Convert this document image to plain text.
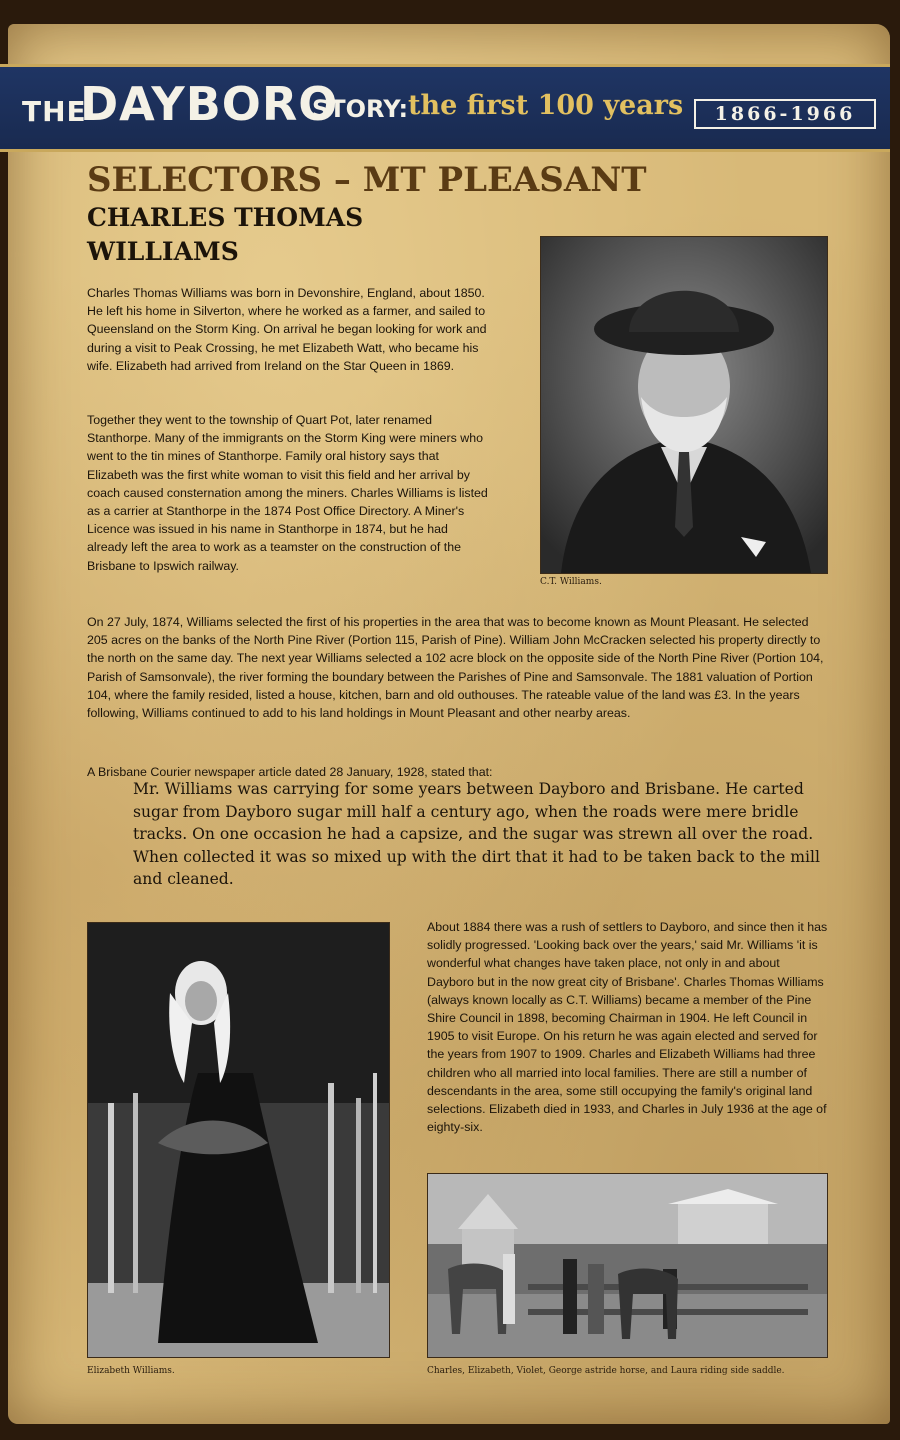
THE
DAYBORO
STORY: the first 100 years	1866-1966
SELECTORS – MT PLEASANT
CHARLES THOMAS
WILLIAMS

Charles Thomas Williams was born in Devonshire, England, about 1850. He left his home in Silverton, where he worked as a farmer, and sailed to Queensland on the Storm King. On arrival he began looking for work and during a visit to Peak Crossing, he met Elizabeth Watt, who became his wife. Elizabeth had arrived from Ireland on the Star Queen in 1869.

Together they went to the township of Quart Pot, later renamed Stanthorpe. Many of the immigrants on the Storm King were miners who went to the tin mines of Stanthorpe. Family oral history says that Elizabeth was the first white woman to visit this field and her arrival by coach caused consternation among the miners. Charles Williams is listed as a carrier at Stanthorpe in the 1874 Post Office Directory. A Miner's Licence was issued in his name in Stanthorpe in 1874, but he had already left the area to work as a teamster on the construction of the Brisbane to Ipswich railway.

C.T. Williams.

On 27 July, 1874, Williams selected the first of his properties in the area that was to become known as Mount Pleasant. He selected 205 acres on the banks of the North Pine River (Portion 115, Parish of Pine). William John McCracken selected his property directly to the north on the same day. The next year Williams selected a 102 acre block on the opposite side of the North Pine River (Portion 104, Parish of Samsonvale), the river forming the boundary between the Parishes of Pine and Samsonvale. The 1881 valuation of Portion 104, where the family resided, listed a house, kitchen, barn and old outhouses. The rateable value of the land was £3. In the years following, Williams continued to add to his land holdings in Mount Pleasant and other nearby areas.

A Brisbane Courier newspaper article dated 28 January, 1928, stated that:

Mr. Williams was carrying for some years between Dayboro and Brisbane. He carted sugar from Dayboro sugar mill half a century ago, when the roads were mere bridle tracks. On one occasion he had a capsize, and the sugar was strewn all over the road. When collected it was so mixed up with the dirt that it had to be taken back to the mill and cleaned.

Elizabeth Williams.

About 1884 there was a rush of settlers to Dayboro, and since then it has solidly progressed. 'Looking back over the years,' said Mr. Williams 'it is wonderful what changes have taken place, not only in and about Dayboro but in the now great city of Brisbane'. Charles Thomas Williams (always known locally as C.T. Williams) became a member of the Pine Shire Council in 1898, becoming Chairman in 1904. He left Council in 1905 to visit Europe. On his return he was again elected and served for the years from 1907 to 1909. Charles and Elizabeth Williams had three children who all married into local families. There are still a number of descendants in the area, some still occupying the family's original land selections. Elizabeth died in 1933, and Charles in July 1936 at the age of eighty-six.

Charles, Elizabeth, Violet, George astride horse, and Laura riding side saddle.
